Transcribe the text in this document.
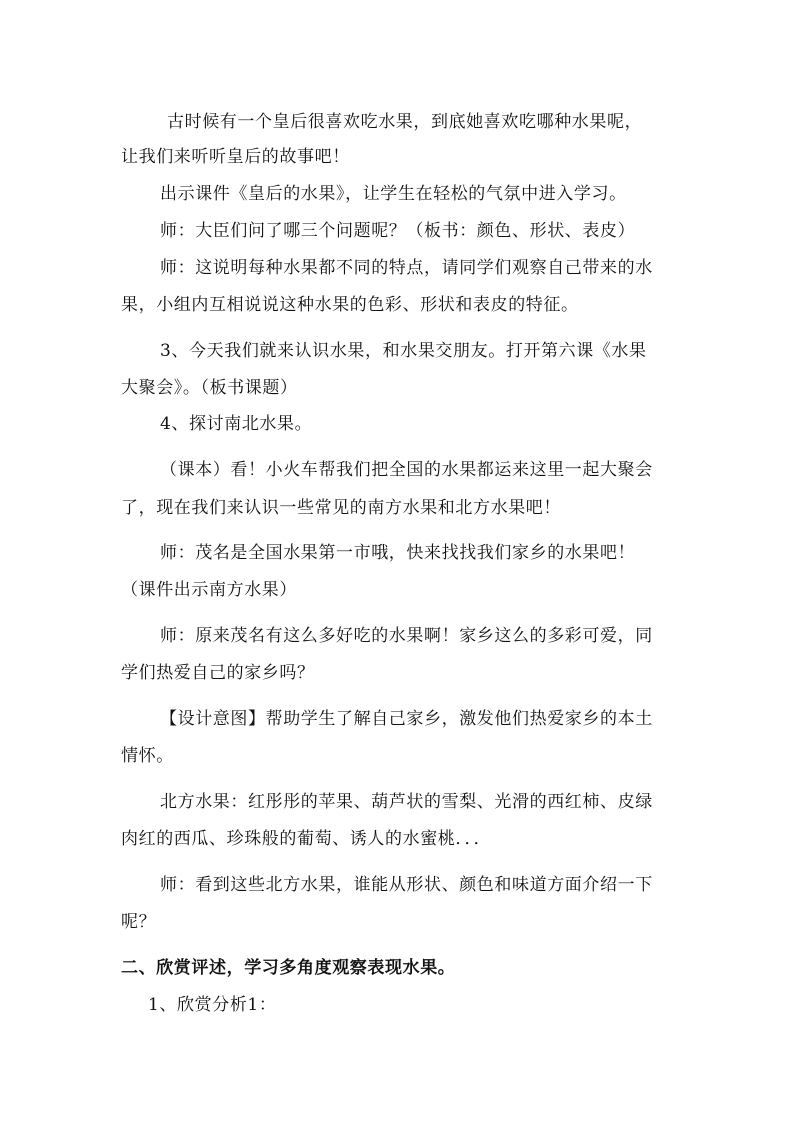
古时候有一个皇后很喜欢吃水果，到底她喜欢吃哪种水果呢，
让我们来听听皇后的故事吧！
出示课件《皇后的水果》，让学生在轻松的气氛中进入学习。
师：大臣们问了哪三个问题呢？（板书：颜色、形状、表皮）
师：这说明每种水果都不同的特点，请同学们观察自己带来的水
果，小组内互相说说这种水果的色彩、形状和表皮的特征。
3、今天我们就来认识水果，和水果交朋友。打开第六课《水果
大聚会》。（板书课题）
4、探讨南北水果。
（课本）看！小火车帮我们把全国的水果都运来这里一起大聚会
了，现在我们来认识一些常见的南方水果和北方水果吧！
师：茂名是全国水果第一市哦，快来找找我们家乡的水果吧！
（课件出示南方水果）
师：原来茂名有这么多好吃的水果啊！家乡这么的多彩可爱，同
学们热爱自己的家乡吗？
【设计意图】帮助学生了解自己家乡，激发他们热爱家乡的本土
情怀。
北方水果：红彤彤的苹果、葫芦状的雪梨、光滑的西红柿、皮绿
肉红的西瓜、珍珠般的葡萄、诱人的水蜜桃．．．
师：看到这些北方水果，谁能从形状、颜色和味道方面介绍一下
呢？
二、欣赏评述，学习多角度观察表现水果。
1、欣赏分析1：
